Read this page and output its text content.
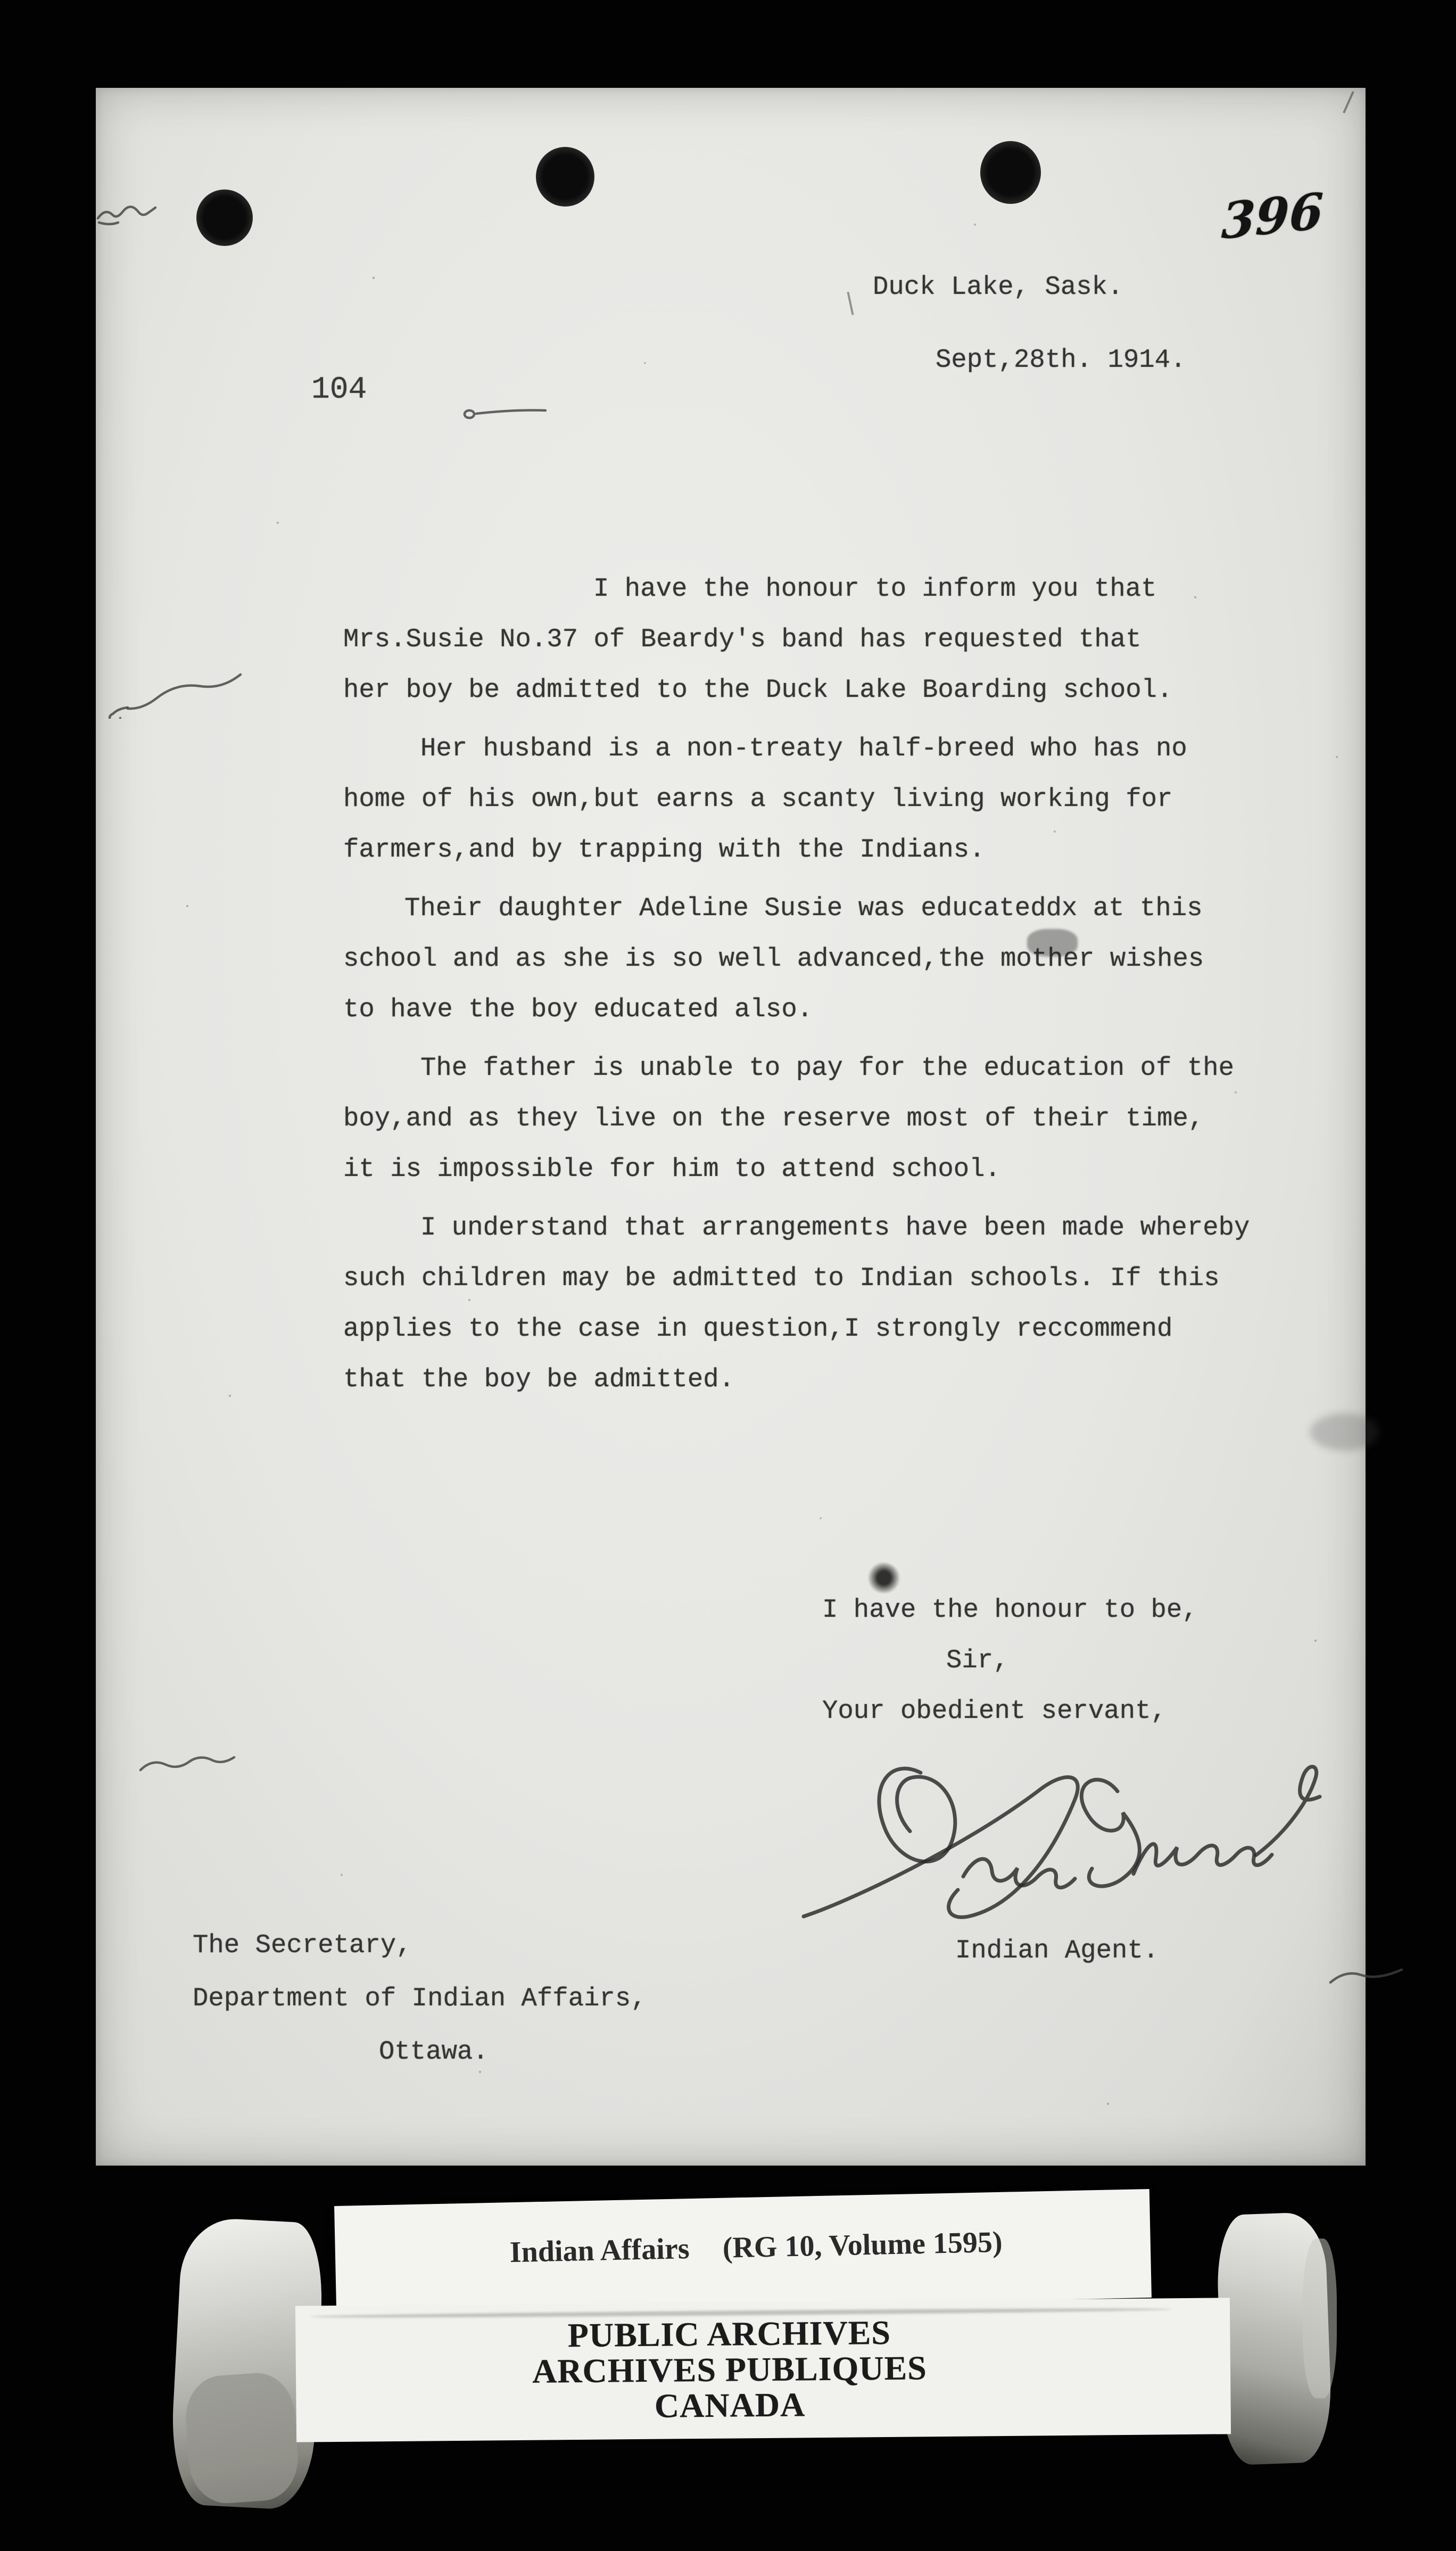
396
104
Duck Lake, Sask.
Sept,28th. 1914.
I have the honour to inform you that
Mrs.Susie No.37 of Beardy's band has requested that
her boy be admitted to the Duck Lake Boarding school.
Her husband is a non-treaty half-breed who has no
home of his own,but earns a scanty living working for
farmers,and by trapping with the Indians.
Their daughter Adeline Susie was educateddx at this
school and as she is so well advanced,the mother wishes
to have the boy educated also.
The father is unable to pay for the education of the
boy,and as they live on the reserve most of their time,
it is impossible for him to attend school.
I understand that arrangements have been made whereby
such children may be admitted to Indian schools. If this
applies to the case in question,I strongly reccommend
that the boy be admitted.
I have the honour to be,
Sir,
Your obedient servant,
Indian Agent.
The Secretary,
Department of Indian Affairs,
Ottawa.
Indian Affairs (RG 10, Volume 1595)
PUBLIC ARCHIVES
ARCHIVES PUBLIQUES
CANADA
